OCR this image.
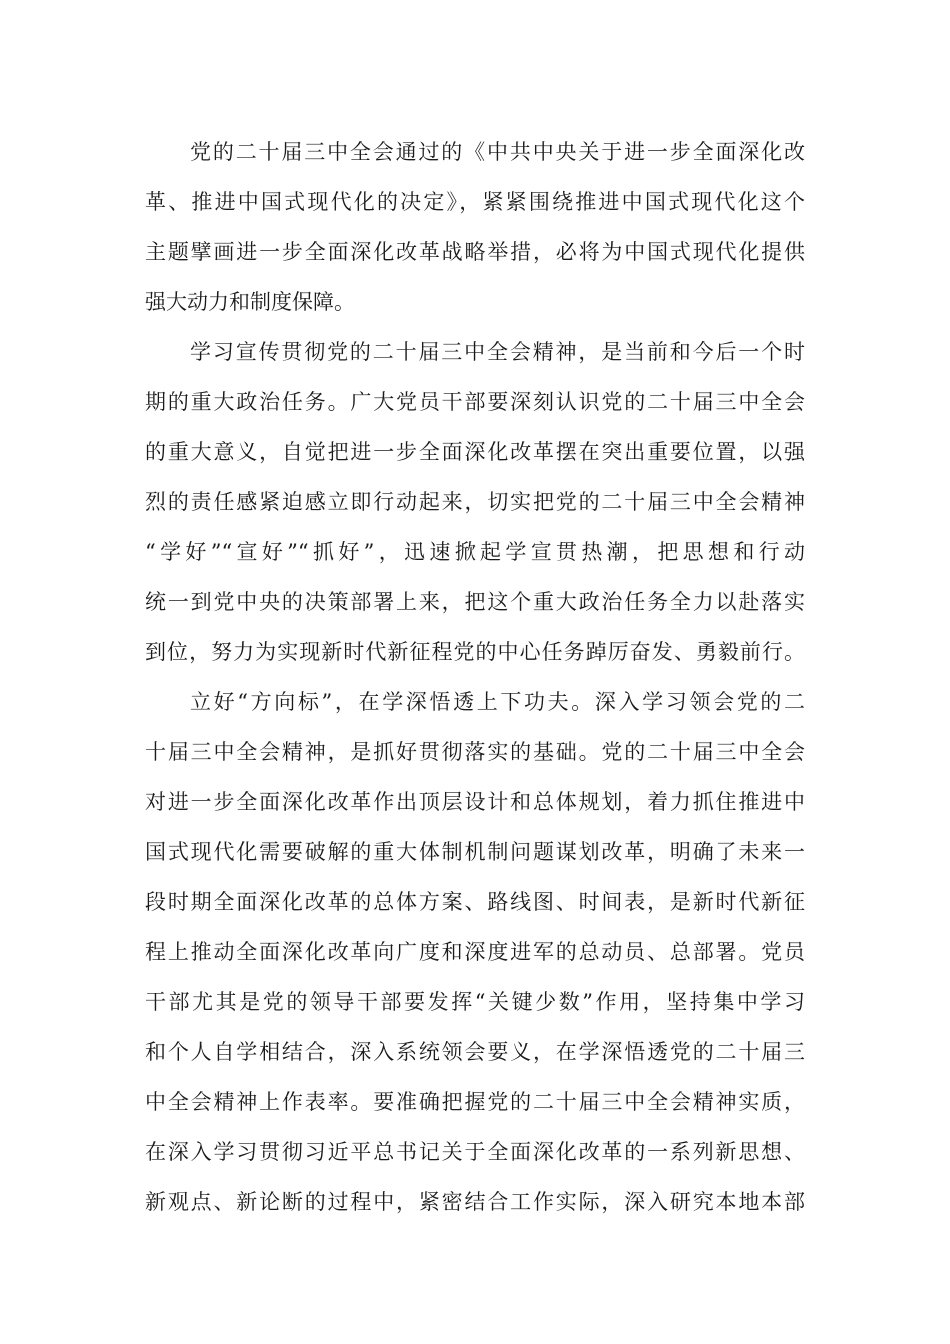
党的二十届三中全会通过的《中共中央关于进一步全面深化改

革、推进中国式现代化的决定》，紧紧围绕推进中国式现代化这个

主题擘画进一步全面深化改革战略举措，必将为中国式现代化提供

强大动力和制度保障。

学习宣传贯彻党的二十届三中全会精神，是当前和今后一个时

期的重大政治任务。广大党员干部要深刻认识党的二十届三中全会

的重大意义，自觉把进一步全面深化改革摆在突出重要位置，以强

烈的责任感紧迫感立即行动起来，切实把党的二十届三中全会精神

“学好”“宣好”“抓好”，迅速掀起学宣贯热潮，把思想和行动

统一到党中央的决策部署上来，把这个重大政治任务全力以赴落实

到位，努力为实现新时代新征程党的中心任务踔厉奋发、勇毅前行。

立好“方向标”，在学深悟透上下功夫。深入学习领会党的二

十届三中全会精神，是抓好贯彻落实的基础。党的二十届三中全会

对进一步全面深化改革作出顶层设计和总体规划，着力抓住推进中

国式现代化需要破解的重大体制机制问题谋划改革，明确了未来一

段时期全面深化改革的总体方案、路线图、时间表，是新时代新征

程上推动全面深化改革向广度和深度进军的总动员、总部署。党员

干部尤其是党的领导干部要发挥“关键少数”作用，坚持集中学习

和个人自学相结合，深入系统领会要义，在学深悟透党的二十届三

中全会精神上作表率。要准确把握党的二十届三中全会精神实质，

在深入学习贯彻习近平总书记关于全面深化改革的一系列新思想、

新观点、新论断的过程中，紧密结合工作实际，深入研究本地本部
